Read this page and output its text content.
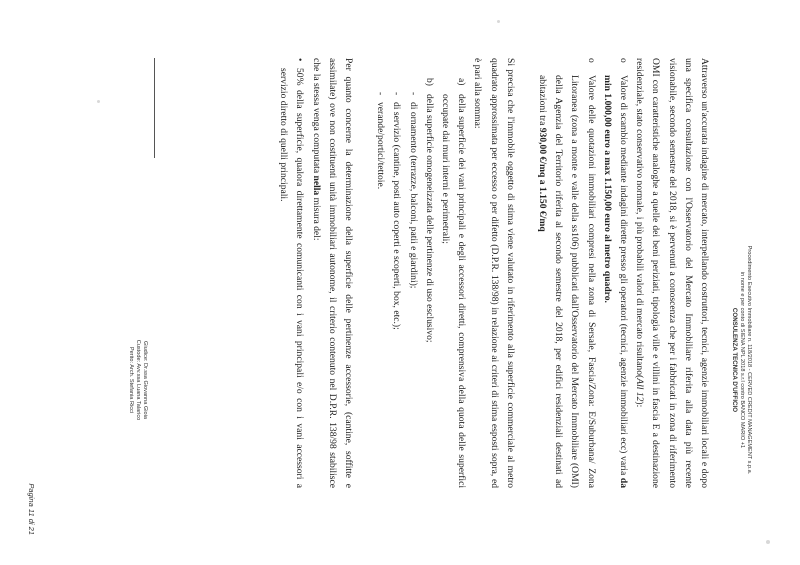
Procedimento Esecutivo Immobiliare n. 118/2018 - CERVED CREDIT MANAGEMENT s.p.a.
in nome e per conto di SIENA NPL 2018 s.r.l contro BANCO MARIO +1
CONSULENZA TECNICA D'UFFICIO

Attraverso un'accurata indagine di mercato, interpellando costruttori, tecnici, agenzie immobiliari locali e dopo una specifica consultazione con l'Osservatorio del Mercato Immobiliare riferita alla data più recente visionabile, secondo semestre del 2018, si è pervenuti a conoscenza che per i fabbricati in zona di riferimento OMI con caratteristiche analoghe a quelle dei beni periziati, tipologia ville e villini in fascia E a destinazione residenziale, stato conservativo normale, i più probabili valori di mercato risultano(All 12):

o
Valore di scambio mediante indagini dirette presso gli operatori (tecnici, agenzie immobiliari ecc) varia da min 1.000,00 euro a max 1.150,00 euro al metro quadro.
o
Valore delle quotazioni immobiliari compresi nella zona di Sersale, Fascia/Zona: E/Suburbana/ Zona Litoranea (zona a monte e valle della ss106) pubblicati dall'Osservatorio del Mercato Immobiliare (OMI) della Agenzia del Territorio riferita al secondo semestre del 2018, per edifici residenziali destinati ad abitazioni tra 930,00 €/mq a 1.150 €/mq

Si precisa che l'immobile oggetto di stima viene valutato in riferimento alla superficie commerciale al metro quadrato approssimata per eccesso o per difetto (D.P.R. 138/98) in relazione ai criteri di stima esposti sopra, ed è pari alla somma:

a)
della superficie dei vani principali e degli accessori diretti, comprensiva della quota delle superfici occupate dai muri interni e perimetrali;
b)
della superficie omogeneizzata delle pertinenze di uso esclusivo;
-
di ornamento (terrazze, balconi, patii e giardini);
-
di servizio (cantine, posti auto coperti e scoperti, box, etc.);
-
verande/portici/tettoie.

Per quanto concerne la determinazione della superficie delle pertinenze accessorie, (cantine, soffitte e assimilate) ove non costituenti unità immobiliari autonome, il criterio contenuto nel D.P.R. 138/98 stabilisce che la stessa venga computata nella misura del:

•
50% della superficie, qualora direttamente comunicanti con i vani principali e/o con i vani accessori a servizio diretto di quelli principali.
Giudice: Dr.ssa Giovanna Gioia
Custode: Avv.ssa Luana Talarico
Perito: Arch. Stefania Ricci
Pagina 11 di 21
